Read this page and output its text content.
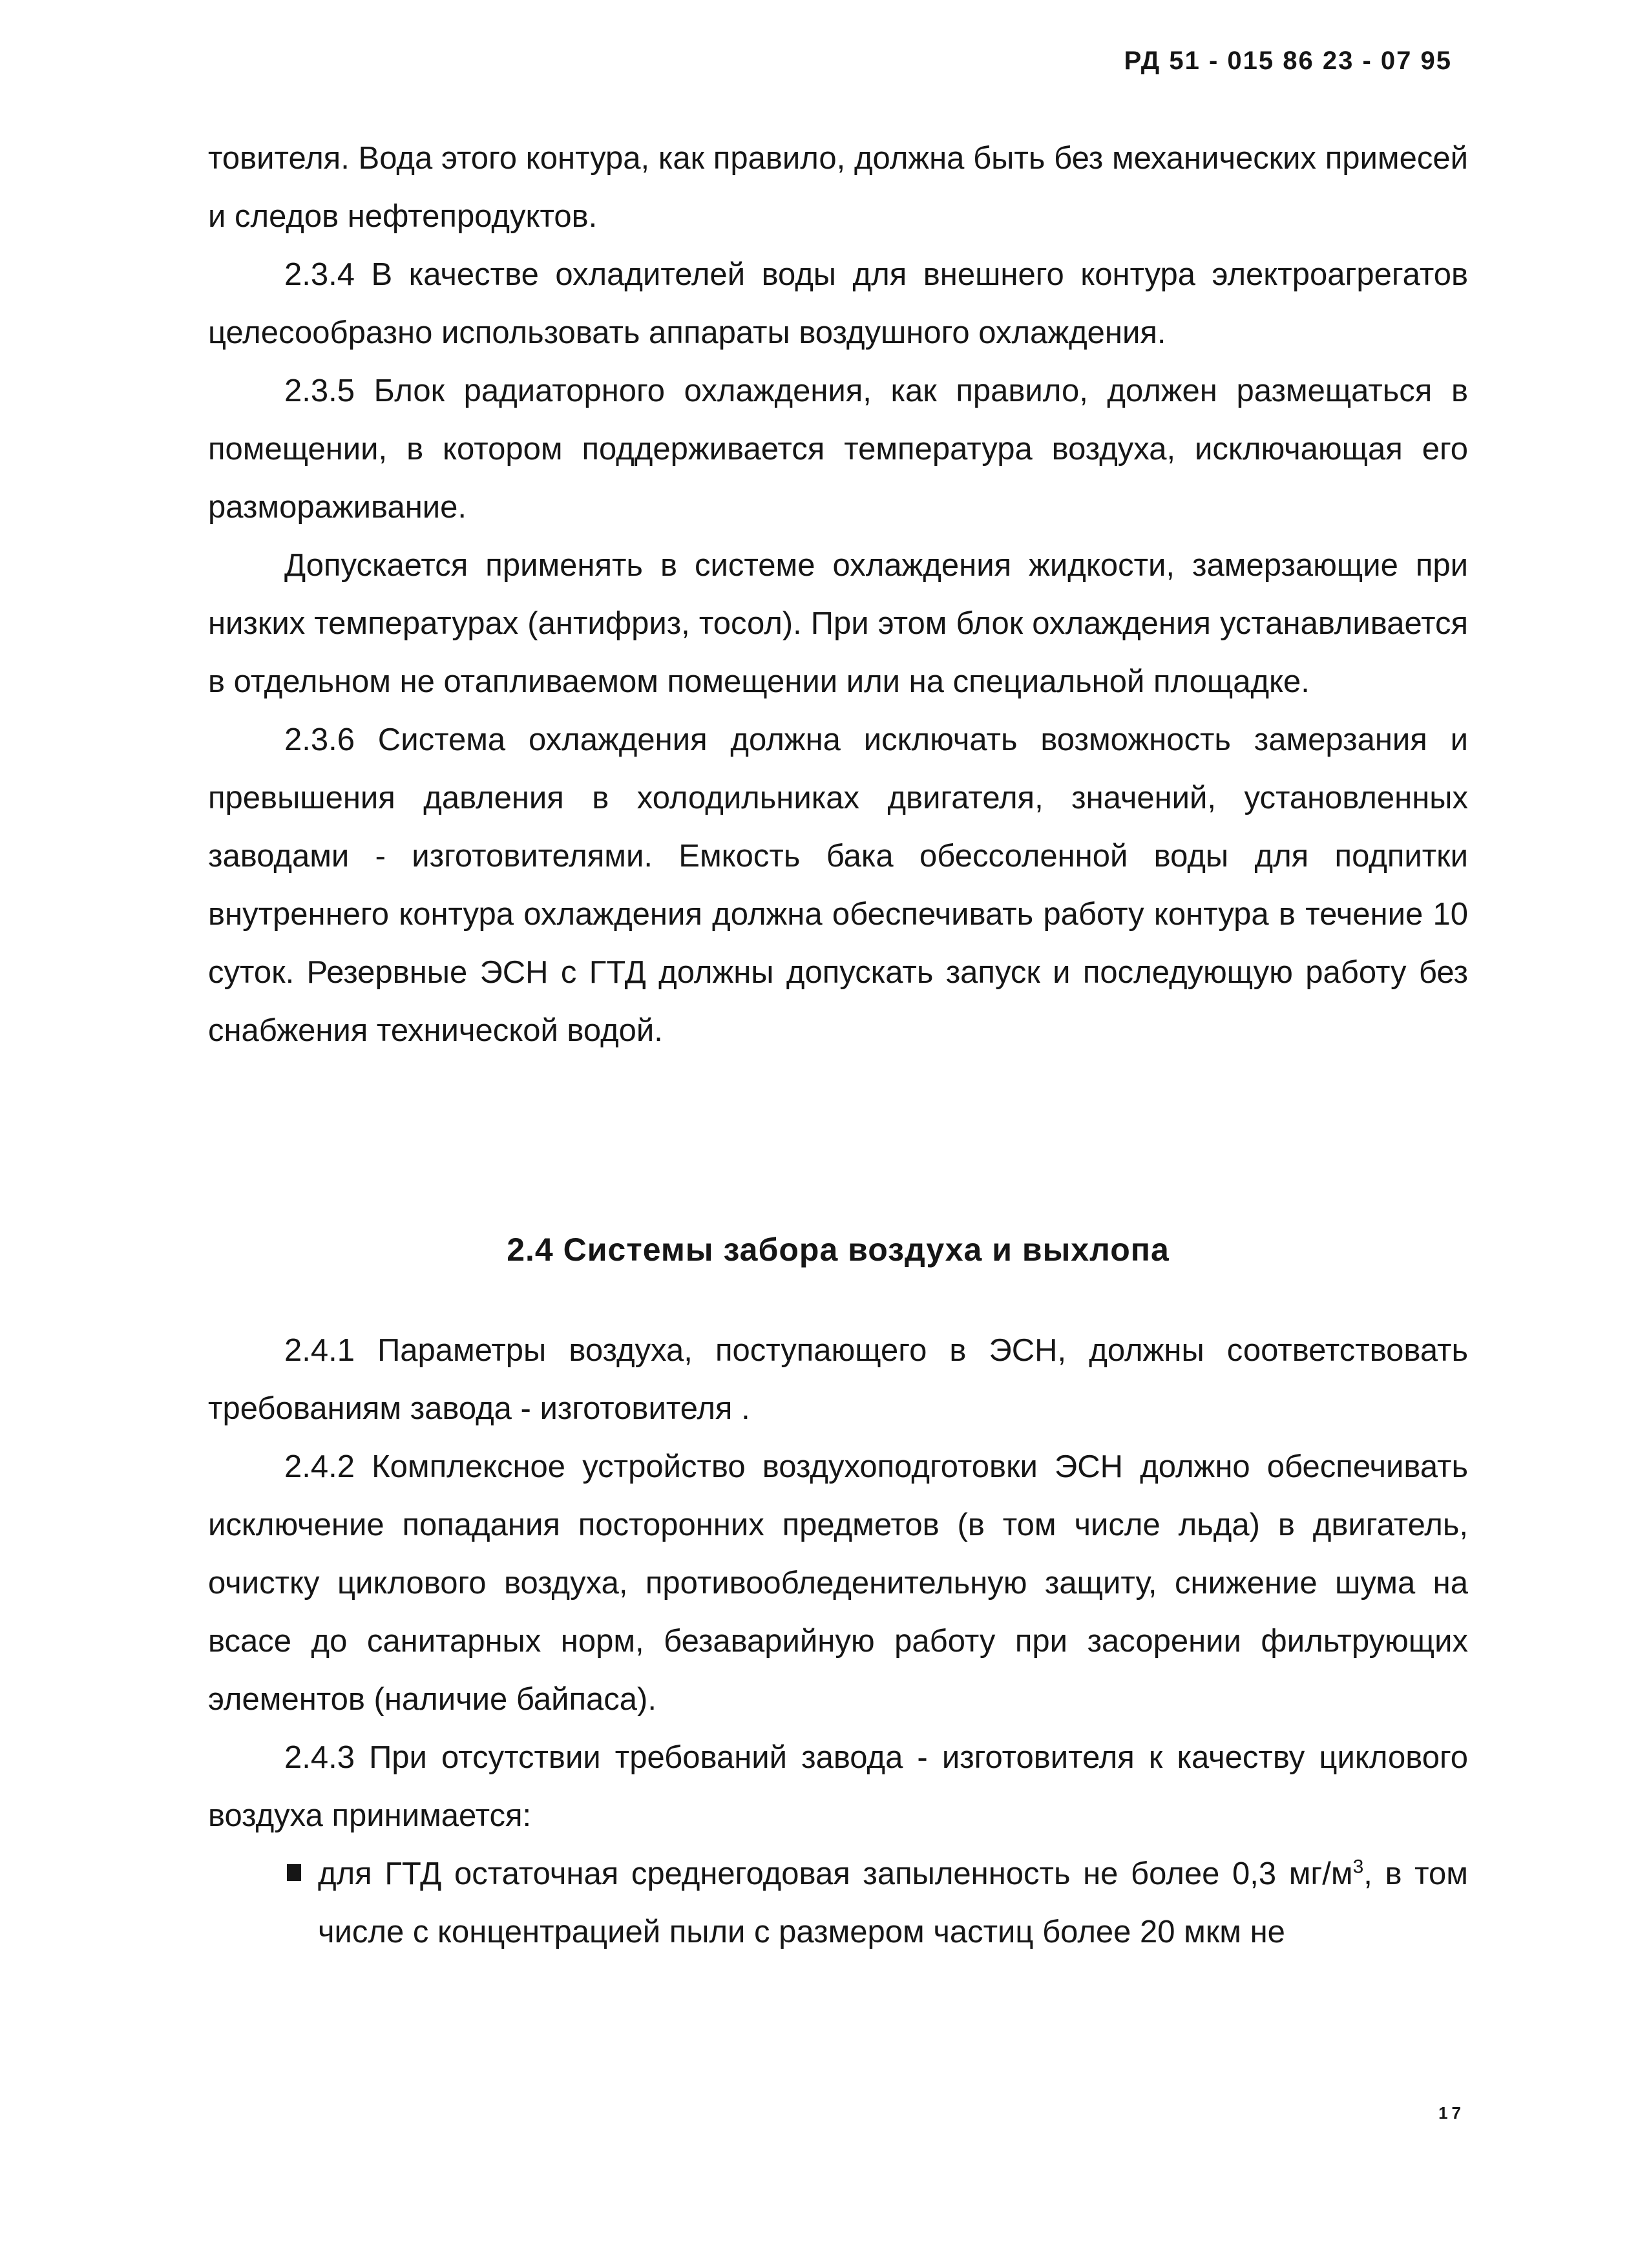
РД 51 - 015 86 23 - 07 95

товителя. Вода этого контура, как правило, должна быть без механических примесей и следов нефтепродуктов.

2.3.4 В качестве охладителей воды для внешнего контура электроагрегатов целесообразно использовать аппараты воздушного охлаждения.

2.3.5 Блок радиаторного охлаждения, как правило, должен размещаться в помещении, в котором поддерживается температура воздуха, исключающая его размораживание.

Допускается применять в системе охлаждения жидкости, замерзающие при низких температурах (антифриз, тосол). При этом блок охлаждения устанавливается в отдельном не отапливаемом помещении или на специальной площадке.

2.3.6 Система охлаждения должна исключать возможность замерзания и превышения давления в холодильниках двигателя, значений, установленных заводами - изготовителями. Емкость бака обессоленной воды для подпитки внутреннего контура охлаждения должна обеспечивать работу контура в течение 10 суток. Резервные ЭСН с ГТД должны допускать запуск и последующую работу без снабжения технической водой.

2.4 Системы забора воздуха и выхлопа

2.4.1 Параметры воздуха, поступающего в ЭСН, должны соответствовать требованиям завода - изготовителя .

2.4.2 Комплексное устройство воздухоподготовки ЭСН должно обеспечивать исключение попадания посторонних предметов (в том числе льда) в двигатель, очистку циклового воздуха, противообледенительную защиту, снижение шума на всасе до санитарных норм, безаварийную работу при засорении фильтрующих элементов (наличие байпаса).

2.4.3 При отсутствии требований завода - изготовителя к качеству циклового воздуха принимается:

для ГТД остаточная среднегодовая запыленность не более 0,3 $мг/м^3$, в том числе с концентрацией пыли с размером частиц более 20 мкм не

17
